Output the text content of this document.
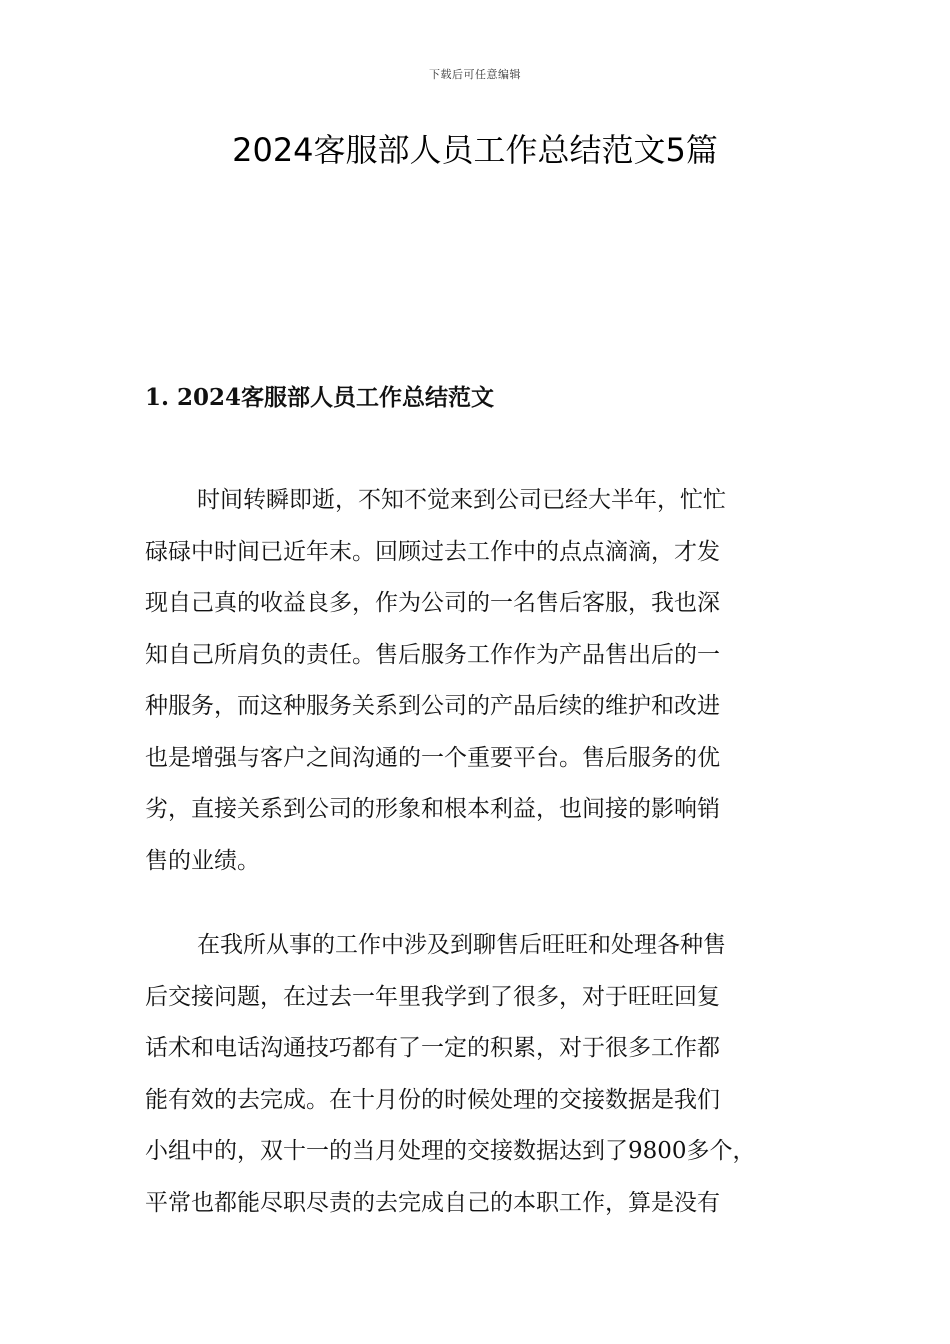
下载后可任意编辑
2024客服部人员工作总结范文5篇
1. 2024客服部人员工作总结范文

时间转瞬即逝，不知不觉来到公司已经大半年，忙忙
碌碌中时间已近年末。回顾过去工作中的点点滴滴，才发
现自己真的收益良多，作为公司的一名售后客服，我也深
知自己所肩负的责任。售后服务工作作为产品售出后的一
种服务，而这种服务关系到公司的产品后续的维护和改进
也是增强与客户之间沟通的一个重要平台。售后服务的优
劣，直接关系到公司的形象和根本利益，也间接的影响销
售的业绩。

在我所从事的工作中涉及到聊售后旺旺和处理各种售
后交接问题，在过去一年里我学到了很多，对于旺旺回复
话术和电话沟通技巧都有了一定的积累，对于很多工作都
能有效的去完成。在十月份的时候处理的交接数据是我们
小组中的，双十一的当月处理的交接数据达到了9800多个，
平常也都能尽职尽责的去完成自己的本职工作，算是没有
